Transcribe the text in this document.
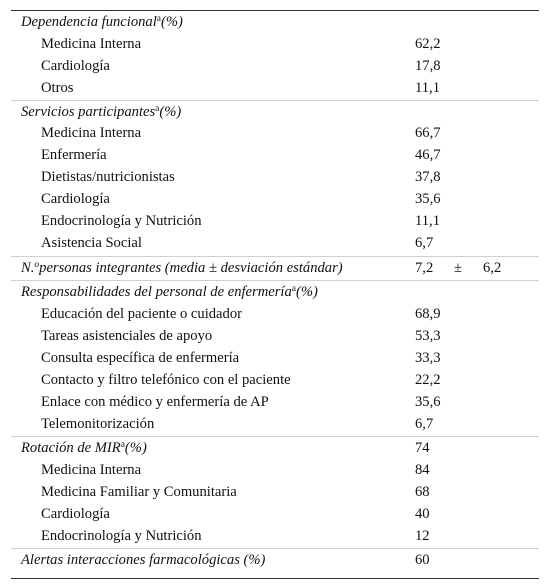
Dependencia funcional$^a$(%)
Medicina Interna	62,2
Cardiología	17,8
Otros	11,1
Servicios participantes$^a$(%)
Medicina Interna	66,7
Enfermería	46,7
Dietistas/nutricionistas	37,8
Cardiología	35,6
Endocrinología y Nutrición	11,1
Asistencia Social	6,7
N.$^o$personas integrantes (media ± desviación estándar)	7,2 ± 6,2
Responsabilidades del personal de enfermería$^a$(%)
Educación del paciente o cuidador	68,9
Tareas asistenciales de apoyo	53,3
Consulta específica de enfermería	33,3
Contacto y filtro telefónico con el paciente	22,2
Enlace con médico y enfermería de AP	35,6
Telemonitorización	6,7
Rotación de MIR$^a$(%)	74
Medicina Interna	84
Medicina Familiar y Comunitaria	68
Cardiología	40
Endocrinología y Nutrición	12
Alertas interacciones farmacológicas (%)	60
